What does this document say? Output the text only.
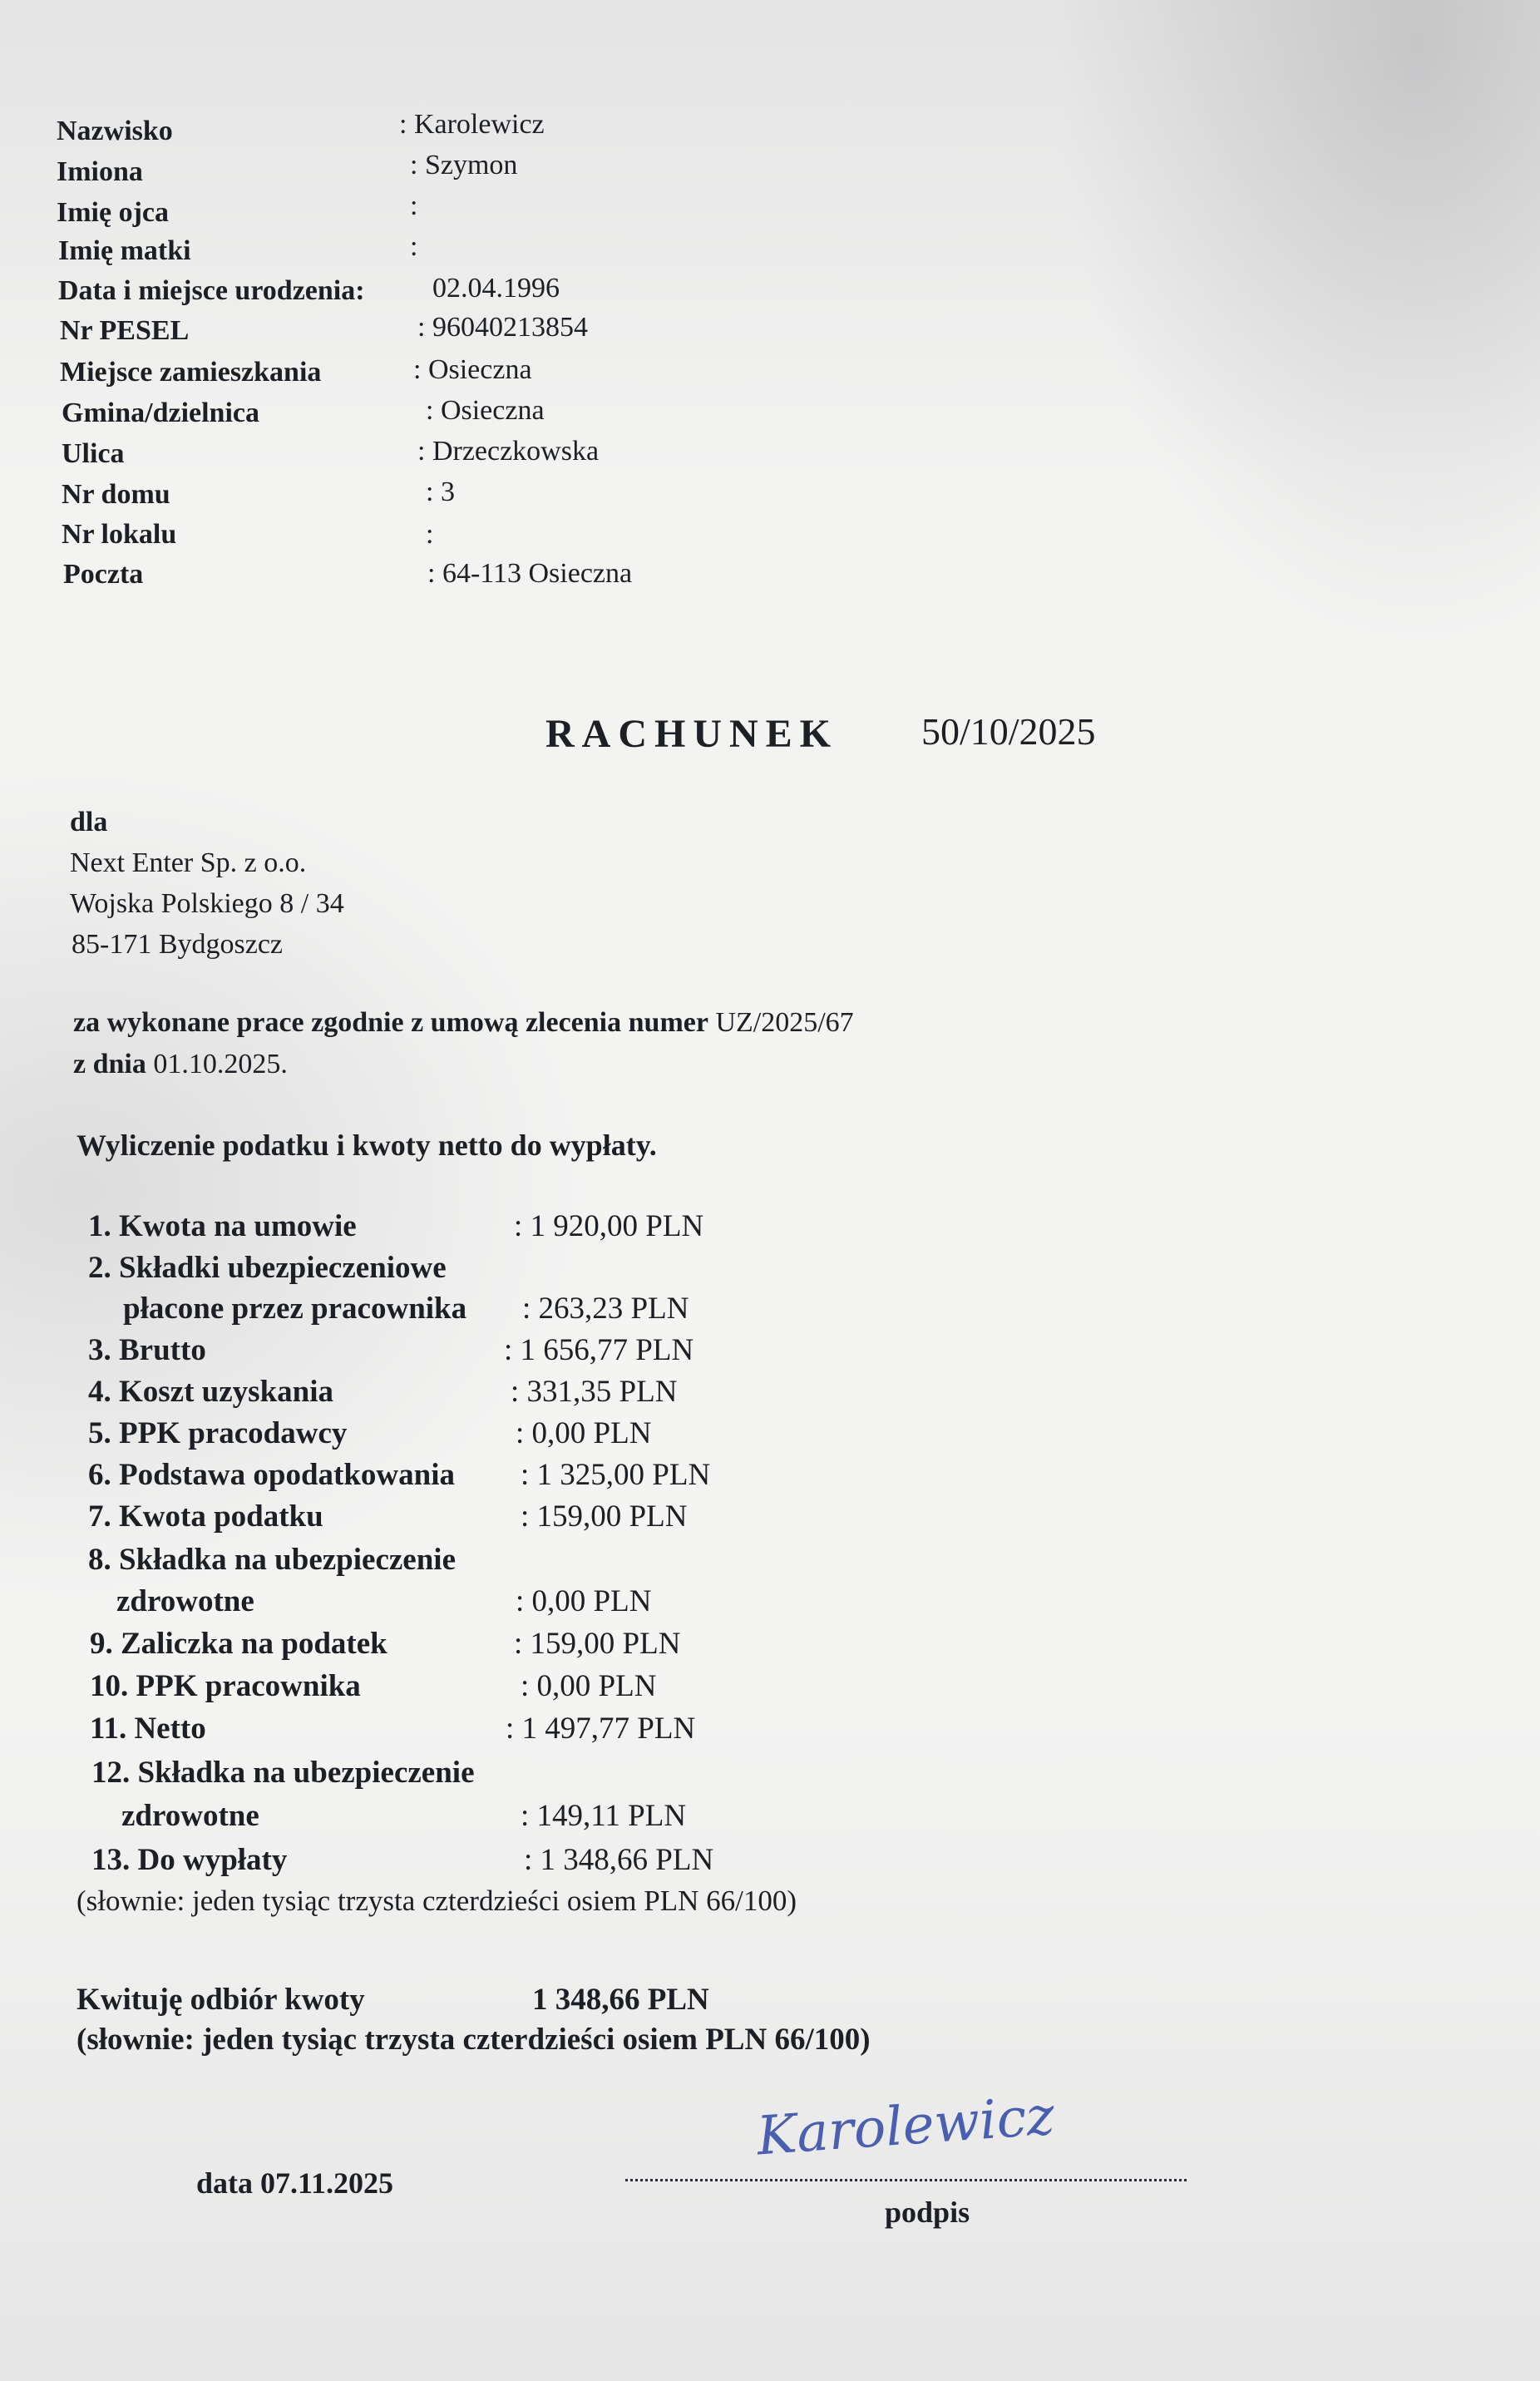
Nazwisko	: Karolewicz
Imiona	: Szymon
Imię ojca	:
Imię matki	:
Data i miejsce urodzenia: 02.04.1996
Nr PESEL	: 96040213854
Miejsce zamieszkania	: Osieczna
Gmina/dzielnica	: Osieczna
Ulica	: Drzeczkowska
Nr domu	: 3
Nr lokalu	:
Poczta	: 64-113 Osieczna
RACHUNEK 50/10/2025
dla
Next Enter Sp. z o.o.
Wojska Polskiego 8 / 34
85-171 Bydgoszcz
za wykonane prace zgodnie z umową zlecenia numer UZ/2025/67
z dnia 01.10.2025.
Wyliczenie podatku i kwoty netto do wypłaty.
1. Kwota na umowie	: 1 920,00 PLN
2. Składki ubezpieczeniowe
płacone przez pracownika : 263,23 PLN
3. Brutto	: 1 656,77 PLN
4. Koszt uzyskania	: 331,35 PLN
5. PPK pracodawcy	: 0,00 PLN
6. Podstawa opodatkowania : 1 325,00 PLN
7. Kwota podatku	: 159,00 PLN
8. Składka na ubezpieczenie
zdrowotne	: 0,00 PLN
9. Zaliczka na podatek	: 159,00 PLN
10. PPK pracownika	: 0,00 PLN
11. Netto	: 1 497,77 PLN
12. Składka na ubezpieczenie
zdrowotne	: 149,11 PLN
13. Do wypłaty	: 1 348,66 PLN
(słownie: jeden tysiąc trzysta czterdzieści osiem PLN 66/100)
Kwituję odbiór kwoty	1 348,66 PLN
(słownie: jeden tysiąc trzysta czterdzieści osiem PLN 66/100)
data 07.11.2025
Karolewicz
podpis
